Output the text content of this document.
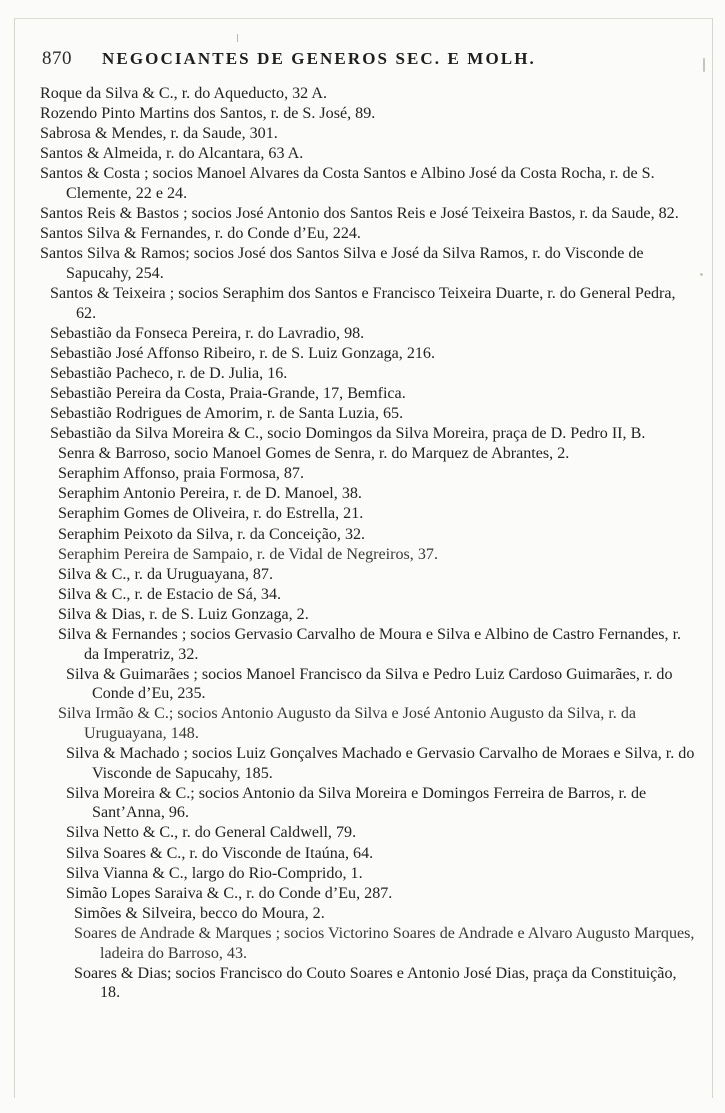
870	NEGOCIANTES DE GENEROS SEC. E MOLH.

Roque da Silva & C., r. do Aqueducto, 32 A.

Rozendo Pinto Martins dos Santos, r. de S. José, 89.

Sabrosa & Mendes, r. da Saude, 301.

Santos & Almeida, r. do Alcantara, 63 A.

Santos & Costa ; socios Manoel Alvares da Costa Santos e Albino José da Costa Rocha, r. de S. Clemente, 22 e 24.

Santos Reis & Bastos ; socios José Antonio dos Santos Reis e José Teixeira Bastos, r. da Saude, 82.

Santos Silva & Fernandes, r. do Conde d’Eu, 224.

Santos Silva & Ramos; socios José dos Santos Silva e José da Silva Ramos, r. do Visconde de Sapucahy, 254.

Santos & Teixeira ; socios Seraphim dos Santos e Francisco Teixeira Duarte, r. do General Pedra, 62.

Sebastião da Fonseca Pereira, r. do Lavradio, 98.

Sebastião José Affonso Ribeiro, r. de S. Luiz Gonzaga, 216.

Sebastião Pacheco, r. de D. Julia, 16.

Sebastião Pereira da Costa, Praia-Grande, 17, Bemfica.

Sebastião Rodrigues de Amorim, r. de Santa Luzia, 65.

Sebastião da Silva Moreira & C., socio Domingos da Silva Moreira, praça de D. Pedro II, B.

Senra & Barroso, socio Manoel Gomes de Senra, r. do Marquez de Abrantes, 2.

Seraphim Affonso, praia Formosa, 87.

Seraphim Antonio Pereira, r. de D. Manoel, 38.

Seraphim Gomes de Oliveira, r. do Estrella, 21.

Seraphim Peixoto da Silva, r. da Conceição, 32.

Seraphim Pereira de Sampaio, r. de Vidal de Negreiros, 37.

Silva & C., r. da Uruguayana, 87.

Silva & C., r. de Estacio de Sá, 34.

Silva & Dias, r. de S. Luiz Gonzaga, 2.

Silva & Fernandes ; socios Gervasio Carvalho de Moura e Silva e Albino de Castro Fernandes, r. da Imperatriz, 32.

Silva & Guimarães ; socios Manoel Francisco da Silva e Pedro Luiz Cardoso Guimarães, r. do Conde d’Eu, 235.

Silva Irmão & C.; socios Antonio Augusto da Silva e José Antonio Augusto da Silva, r. da Uruguayana, 148.

Silva & Machado ; socios Luiz Gonçalves Machado e Gervasio Carvalho de Moraes e Silva, r. do Visconde de Sapucahy, 185.

Silva Moreira & C.; socios Antonio da Silva Moreira e Domingos Ferreira de Barros, r. de Sant’Anna, 96.

Silva Netto & C., r. do General Caldwell, 79.

Silva Soares & C., r. do Visconde de Itaúna, 64.

Silva Vianna & C., largo do Rio-Comprido, 1.

Simão Lopes Saraiva & C., r. do Conde d’Eu, 287.

Simões & Silveira, becco do Moura, 2.

Soares de Andrade & Marques ; socios Victorino Soares de Andrade e Alvaro Augusto Marques, ladeira do Barroso, 43.

Soares & Dias; socios Francisco do Couto Soares e Antonio José Dias, praça da Constituição, 18.
